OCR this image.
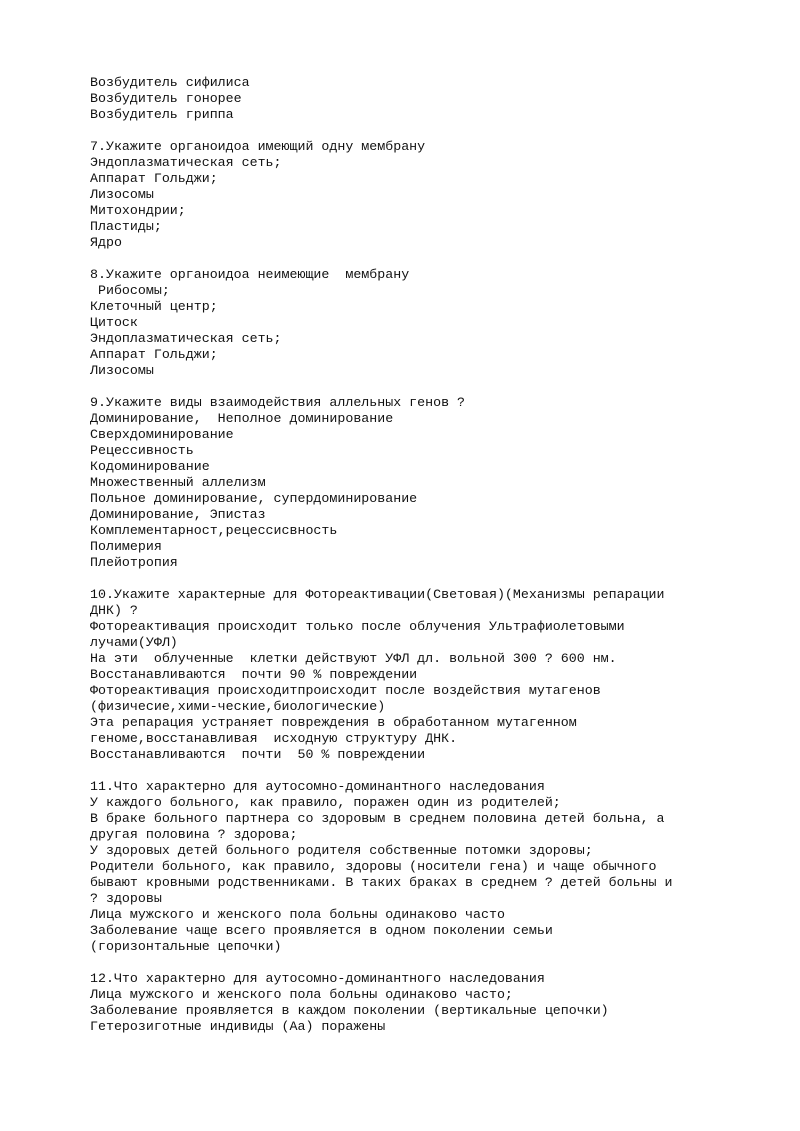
Возбудитель сифилиса
Возбудитель гонорее
Возбудитель гриппа
7.Укажите органоидоа имеющий одну мембрану
Эндоплазматическая сеть;
Аппарат Гольджи;
Лизосомы
Митохондрии;
Пластиды;
Ядро
8.Укажите органоидоа неимеющие  мембрану
Рибосомы;
Клеточный центр;
Цитоск
Эндоплазматическая сеть;
Аппарат Гольджи;
Лизосомы
9.Укажите виды взаимодействия аллельных генов ?
Доминирование,  Неполное доминирование
Сверхдоминирование
Рецессивность
Кодоминирование
Множественный аллелизм
Польное доминирование, супердоминирование
Доминирование, Эпистаз
Комплементарност,рецессисвность
Полимерия
Плейотропия
10.Укажите характерные для Фотореактивации(Световая)(Механизмы репарации
ДНК) ?
Фотореактивация происходит только после облучения Ультрафиолетовыми
лучами(УФЛ)
На эти  облученные  клетки действуют УФЛ дл. вольной 300 ? 600 нм.
Восстанавливаются  почти 90 % повреждении
Фотореактивация происходитпроисходит после воздействия мутагенов
(физичесие,хими-ческие,биологические)
Эта репарация устраняет повреждения в обработанном мутагенном
геноме,восстанавливая  исходную структуру ДНК.
Восстанавливаются  почти  50 % повреждении
11.Что характерно для аутосомно-доминантного наследования
У каждого больного, как правило, поражен один из родителей;
В браке больного партнера со здоровым в среднем половина детей больна, а
другая половина ? здорова;
У здоровых детей больного родителя собственные потомки здоровы;
Родители больного, как правило, здоровы (носители гена) и чаще обычного
бывают кровными родственниками. В таких браках в среднем ? детей больны и
? здоровы
Лица мужского и женского пола больны одинаково часто
Заболевание чаще всего проявляется в одном поколении семьи
(горизонтальные цепочки)
12.Что характерно для аутосомно-доминантного наследования
Лица мужского и женского пола больны одинаково часто;
Заболевание проявляется в каждом поколении (вертикальные цепочки)
Гетерозиготные индивиды (Аа) поражены
